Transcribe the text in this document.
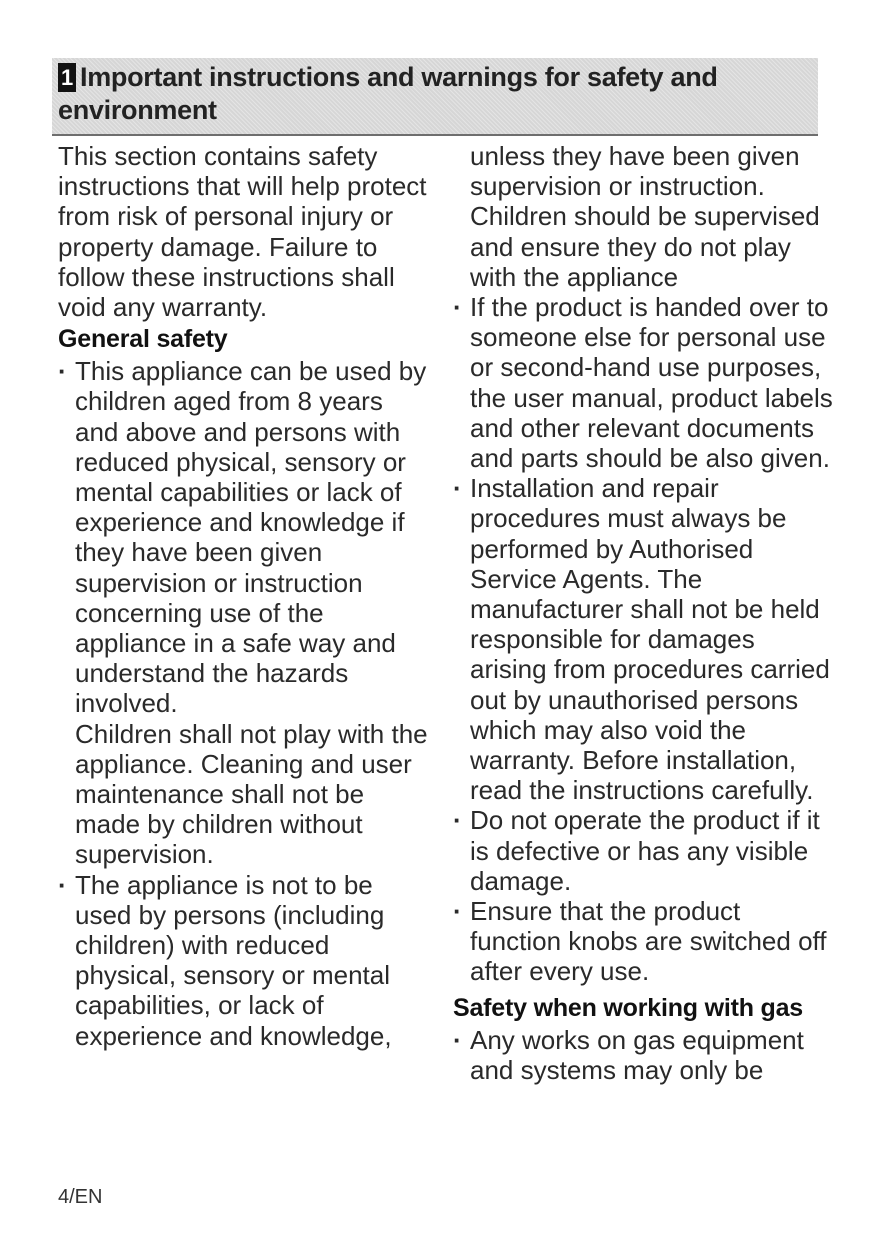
1 Important instructions and warnings for safety and environment

This section contains safety instructions that will help protect from risk of personal injury or property damage. Failure to follow these instructions shall void any warranty.

General safety
· This appliance can be used by children aged from 8 years and above and persons with reduced physical, sensory or mental capabilities or lack of experience and knowledge if they have been given supervision or instruction concerning use of the appliance in a safe way and understand the hazards involved.

Children shall not play with the appliance. Cleaning and user maintenance shall not be made by children without supervision.

· The appliance is not to be used by persons (including children) with reduced physical, sensory or mental capabilities, or lack of experience and knowledge,

unless they have been given supervision or instruction. Children should be supervised and ensure they do not play with the appliance

· If the product is handed over to someone else for personal use or second-hand use purposes, the user manual, product labels and other relevant documents and parts should be also given.
· Installation and repair procedures must always be performed by Authorised Service Agents. The manufacturer shall not be held responsible for damages arising from procedures carried out by unauthorised persons which may also void the warranty. Before installation, read the instructions carefully.
· Do not operate the product if it is defective or has any visible damage.
· Ensure that the product function knobs are switched off after every use.
Safety when working with gas
· Any works on gas equipment and systems may only be
4/EN
